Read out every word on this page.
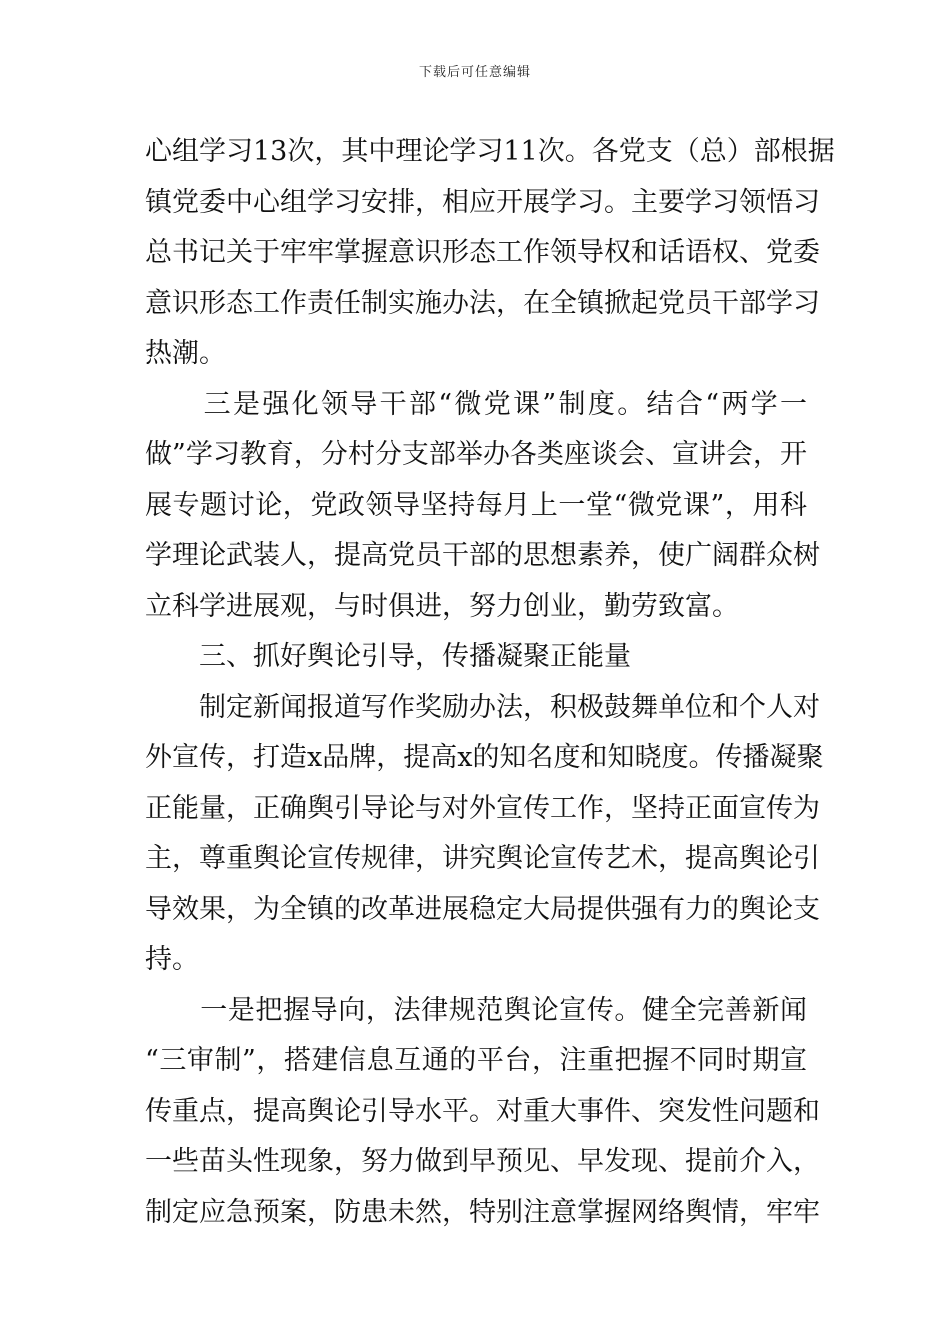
下载后可任意编辑
心组学习13次，其中理论学习11次。各党支（总）部根据
镇党委中心组学习安排，相应开展学习。主要学习领悟习
总书记关于牢牢掌握意识形态工作领导权和话语权、党委
意识形态工作责任制实施办法，在全镇掀起党员干部学习
热潮。
　　三是强化领导干部“微党课”制度。结合“两学一
做”学习教育，分村分支部举办各类座谈会、宣讲会，开
展专题讨论，党政领导坚持每月上一堂“微党课”，用科
学理论武装人，提高党员干部的思想素养，使广阔群众树
立科学进展观，与时俱进，努力创业，勤劳致富。
　　三、抓好舆论引导，传播凝聚正能量
　　制定新闻报道写作奖励办法，积极鼓舞单位和个人对
外宣传，打造x品牌，提高x的知名度和知晓度。传播凝聚
正能量，正确舆引导论与对外宣传工作，坚持正面宣传为
主，尊重舆论宣传规律，讲究舆论宣传艺术，提高舆论引
导效果，为全镇的改革进展稳定大局提供强有力的舆论支
持。
　　一是把握导向，法律规范舆论宣传。健全完善新闻
“三审制”，搭建信息互通的平台，注重把握不同时期宣
传重点，提高舆论引导水平。对重大事件、突发性问题和
一些苗头性现象，努力做到早预见、早发现、提前介入，
制定应急预案，防患未然，特别注意掌握网络舆情，牢牢
